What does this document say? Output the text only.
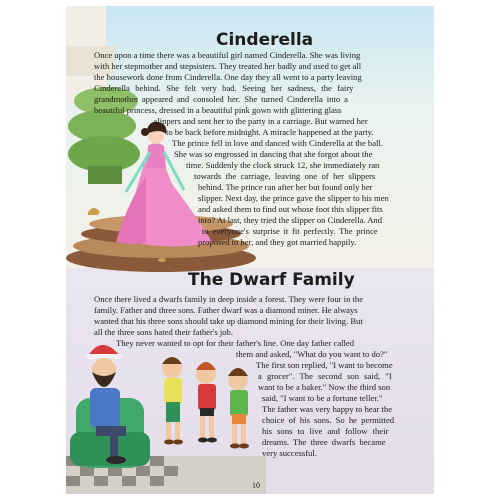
Cinderella
Once upon a time there was a beautiful girl named Cinderella. She was living
with her stepmother and stepsisters. They treated her badly and used to get all
the housework done from Cinderella. One day they all went to a party leaving
Cinderella behind. She felt very bad. Seeing her sadness, the fairy
grandmother appeared and consoled her. She turned Cinderella into a
beautiful princess, dressed in a beautiful pink gown with glittering glass
slippers and sent her to the party in a carriage. But warned her
to be back before midnight. A miracle happened at the party.
The prince fell in love and danced with Cinderella at the ball.
She was so engrossed in dancing that she forgot about the
time. Suddenly the clock struck 12, she immediately ran
towards the carriage, leaving one of her slippers
behind. The prince ran after her but found only her
slipper. Next day, the prince gave the slipper to his men
and asked them to find out whose foot this slipper fits
into? At last, they tried the slipper on Cinderella. And
to everyone's surprise it fit perfectly. The prince
proposed to her, and they got married happily.
The Dwarf Family
Once there lived a dwarfs family in deep inside a forest. They were four in the
family. Father and three sons. Father dwarf was a diamond miner. He always
wanted that his three sons should take up diamond mining for their living. But
all the three sons hated their father's job.
They never wanted to opt for their father's line. One day father called
them and asked, "What do you want to do?"
The first son replied, "I want to become
a grocer". The second son said, "I
want to be a baker." Now the third son
said, "I want to be a fortune teller."
The father was very happy to hear the
choice of his sons. So he permitted
his sons to live and follow their
dreams. The three dwarfs became
very successful.
10
